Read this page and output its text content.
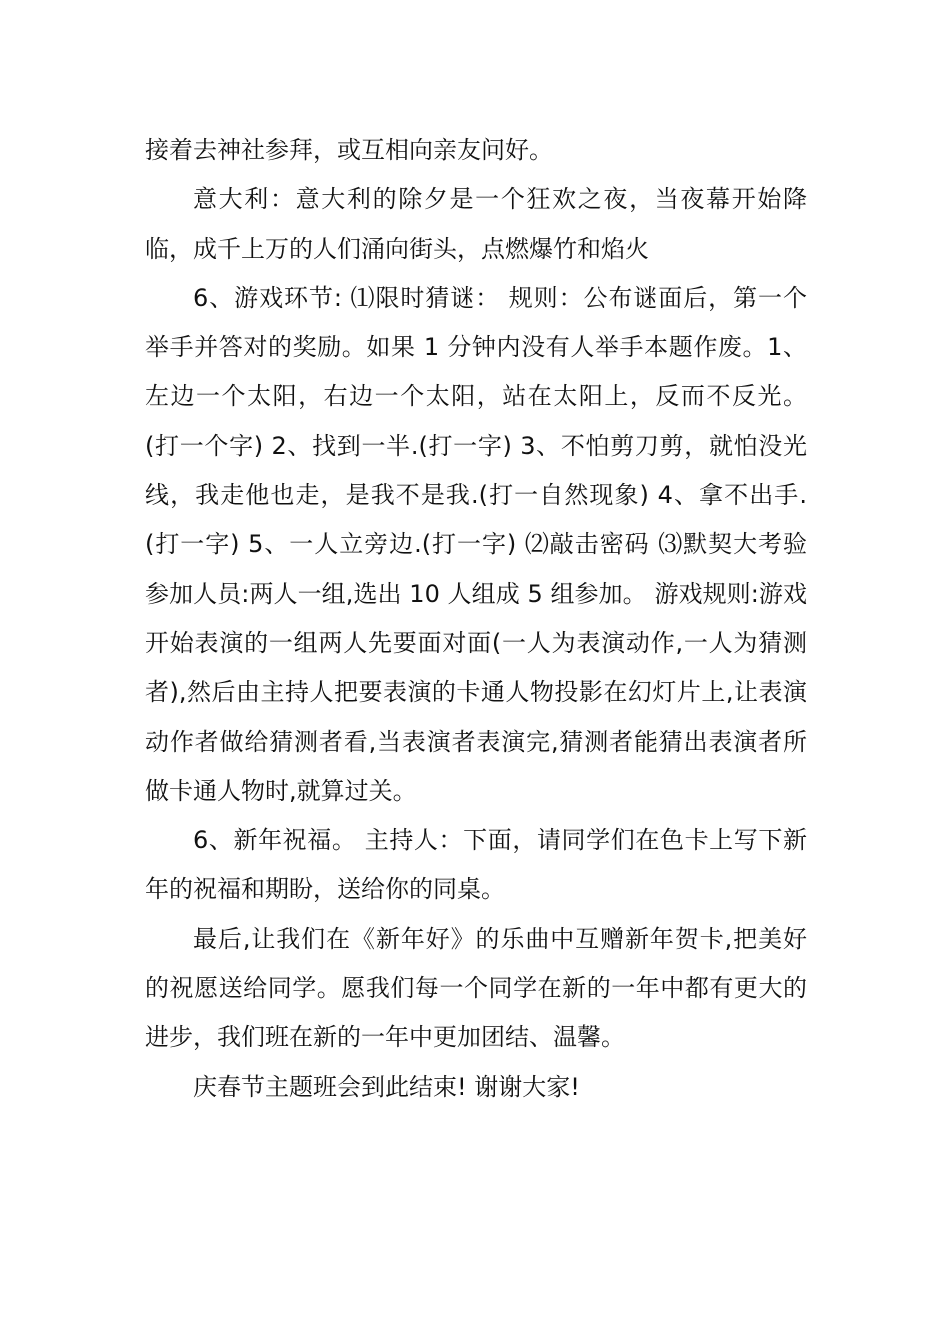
接着去神社参拜，或互相向亲友问好。

意大利：意大利的除夕是一个狂欢之夜，当夜幕开始降临，成千上万的人们涌向街头，点燃爆竹和焰火

6、游戏环节: ⑴限时猜谜： 规则：公布谜面后，第一个举手并答对的奖励。如果 1 分钟内没有人举手本题作废。1、左边一个太阳，右边一个太阳，站在太阳上，反而不反光。 (打一个字) 2、找到一半.(打一字) 3、不怕剪刀剪，就怕没光线，我走他也走，是我不是我.(打一自然现象) 4、拿不出手.(打一字) 5、一人立旁边.(打一字) ⑵敲击密码 ⑶默契大考验 参加人员:两人一组,选出 10 人组成 5 组参加。 游戏规则:游戏开始表演的一组两人先要面对面(一人为表演动作,一人为猜测者),然后由主持人把要表演的卡通人物投影在幻灯片上,让表演动作者做给猜测者看,当表演者表演完,猜测者能猜出表演者所做卡通人物时,就算过关。

6、新年祝福。 主持人：下面，请同学们在色卡上写下新年的祝福和期盼，送给你的同桌。

最后,让我们在《新年好》的乐曲中互赠新年贺卡,把美好的祝愿送给同学。愿我们每一个同学在新的一年中都有更大的进步，我们班在新的一年中更加团结、温馨。

庆春节主题班会到此结束! 谢谢大家!
